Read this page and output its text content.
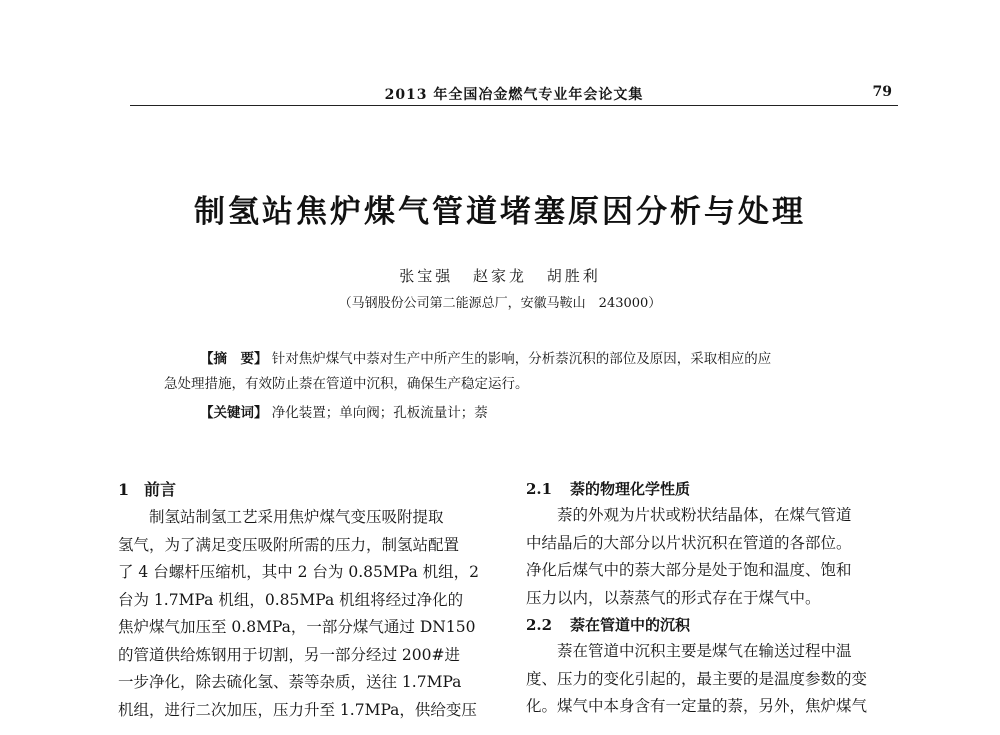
2013 年全国冶金燃气专业年会论文集	79
制氢站焦炉煤气管道堵塞原因分析与处理
张宝强 赵家龙 胡胜利
（马钢股份公司第二能源总厂，安徽马鞍山　243000）
【摘　要】 针对焦炉煤气中萘对生产中所产生的影响，分析萘沉积的部位及原因，采取相应的应
急处理措施，有效防止萘在管道中沉积，确保生产稳定运行。
【关键词】 净化装置；单向阀；孔板流量计；萘
1 前言
制氢站制氢工艺采用焦炉煤气变压吸附提取
氢气，为了满足变压吸附所需的压力，制氢站配置
了 4 台螺杆压缩机，其中 2 台为 0.85MPa 机组，2
台为 1.7MPa 机组，0.85MPa 机组将经过净化的
焦炉煤气加压至 0.8MPa，一部分煤气通过 DN150
的管道供给炼钢用于切割，另一部分经过 200#进
一步净化，除去硫化氢、萘等杂质，送往 1.7MPa
机组，进行二次加压，压力升至 1.7MPa，供给变压
2.1 萘的物理化学性质
萘的外观为片状或粉状结晶体，在煤气管道
中结晶后的大部分以片状沉积在管道的各部位。
净化后煤气中的萘大部分是处于饱和温度、饱和
压力以内，以萘蒸气的形式存在于煤气中。
2.2 萘在管道中的沉积
萘在管道中沉积主要是煤气在输送过程中温
度、压力的变化引起的，最主要的是温度参数的变
化。煤气中本身含有一定量的萘，另外，焦炉煤气
